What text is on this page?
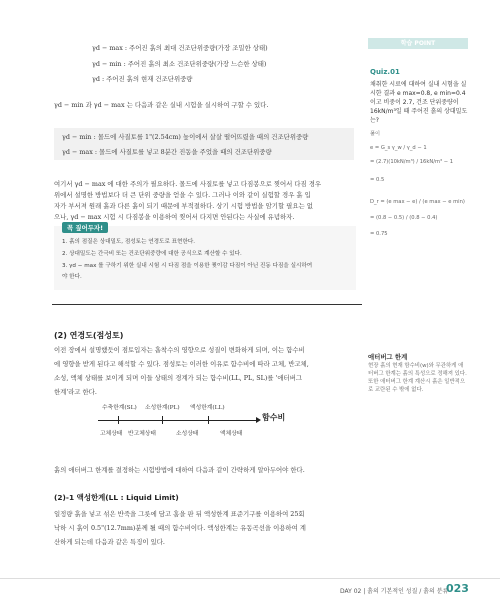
γd − max : 주어진 흙의 최대 건조단위중량(가장 조밀한 상태)
γd − min : 주어진 흙의 최소 건조단위중량(가장 느슨한 상태)
γd : 주어진 흙의 현재 건조단위중량
γd − min 과 γd − max 는 다음과 같은 실내 시험을 실시하여 구할 수 있다.
γd − min : 몰드에 사질토를 1"(2.54cm) 높이에서 살살 떨어뜨렸을 때의 건조단위중량
γd − max : 몰드에 사질토를 넣고 8분간 진동을 주었을 때의 건조단위중량
여기서 γd − max 에 대한 주의가 필요하다. 몰드에 사질토를 넣고 다짐봉으로 찢어서 다짐 경우
위에서 설명한 방법보다 더 큰 단위 중량을 얻을 수 있다. 그러나 이와 같이 실험할 경우 흙 입
자가 부서져 원래 흙과 다른 흙이 되기 때문에 부적절하다. 상기 시험 방법을 암기할 필요는 없
으나, γd − max 시험 시 다짐봉을 이용하여 찢어서 다지면 안된다는 사실에 유념하자.
꼭 짚어두자!
1. 흙의 점질은 상대밀도, 점성토는 연경도로 표현한다.
2. 상대밀도는 간극비 또는 건조단위중량에 대한 공식으로 계산할 수 있다.
3. γd − max 를 구하기 위한 실내 시험 시 다짐 점을 이용한 찢이감 다짐이 아닌 진동 다짐을 실시하여
야 한다.
(2) 연경도(점성토)
이전 장에서 설명했듯이 점토입자는 흡착수의 영향으로 성질이 변화하게 되며, 이는 함수비
에 영향을 받게 된다고 해석할 수 있다. 점성토는 이러한 이유로 함수비에 따라 고체, 반고체,
소성, 액체 상태를 보이게 되며 이들 상태의 경계가 되는 함수비(LL, PL, SL)를 '애터버그
한계'라고 한다.
수축한계(SL) 소성한계(PL) 액성한계(LL)
함수비
고체상태 반고체상태	소성상태	액체상태
흙의 애터버그 한계를 결정하는 시험방법에 대하여 다음과 같이 간략하게 알아두어야 한다.
(2)-1 액성한계(LL : Liquid Limit)
일정량 흙을 넣고 섞은 반죽을 그릇에 담고 홈을 판 뒤 액성한계 표준기구를 이용하여 25회
낙하 시 흙이 0.5"(12.7mm)분께 될 때의 함수비이다. 액성한계는 유동곡선을 이용하여 계
산하게 되는데 다음과 같은 특징이 있다.
학습 POINT
Quiz.01
채취한 시료에 대하여 실내 시험을 실시한 결과 e max=0.8, e min=0.4이고 비중이 2.7, 건조 단위중량이 16kN/m³일 때 주어진 흙의 상대밀도는?
풀이
e = G_s γ_w / γ_d − 1
= (2.7)(10kN/m³) / 16kN/m³ − 1
= 0.5
D_r = (e max − e) / (e max − e min)
= (0.8 − 0.5) / (0.8 − 0.4)
= 0.75
애터버그 한계
현장 흙의 현재 함수비(w)와 무관하게 애터버그 한계는 흙의 특성으로 정해져 있다. 또한 애터버그 한계 계산시 흙은 일반적으로 교란된 수 밖에 없다.
DAY 02 | 흙의 기본적인 성질 / 흙의 분류
023
